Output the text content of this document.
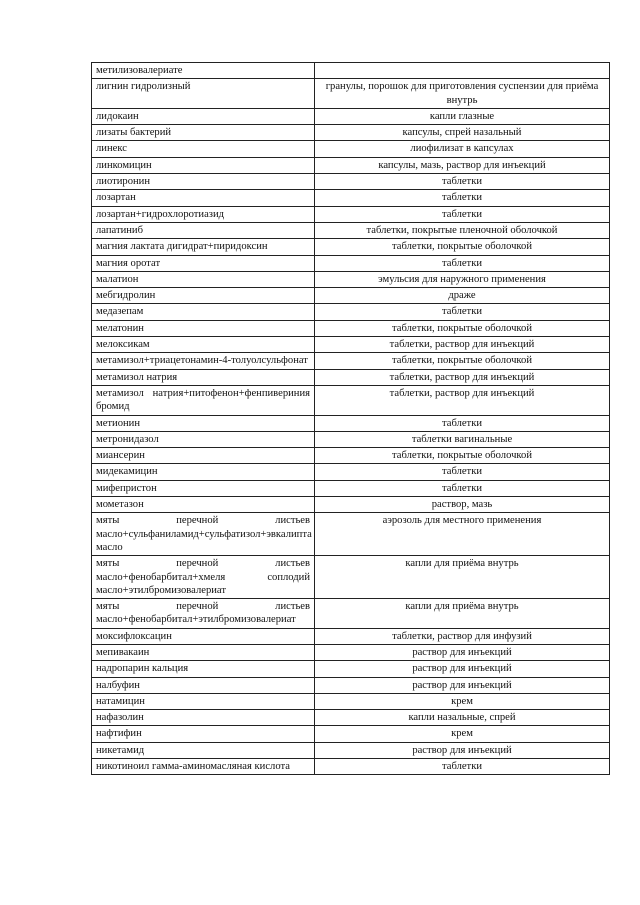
метилизовалериате	
лигнин гидролизный	гранулы, порошок для приготовления суспензии для приёма внутрь
лидокаин	капли глазные
лизаты бактерий	капсулы, спрей назальный
линекс	лиофилизат в капсулах
линкомицин	капсулы, мазь, раствор для инъекций
лиотиронин	таблетки
лозартан	таблетки
лозартан+гидрохлоротиазид	таблетки
лапатиниб	таблетки, покрытые пленочной оболочкой
магния лактата дигидрат+пиридоксин	таблетки, покрытые оболочкой
магния оротат	таблетки
малатион	эмульсия для наружного применения
мебгидролин	драже
медазепам	таблетки
мелатонин	таблетки, покрытые оболочкой
мелоксикам	таблетки, раствор для инъекций
метамизол+триацетонамин-4-толуолсульфонат	таблетки, покрытые оболочкой
метамизол натрия	таблетки, раствор для инъекций
метамизол натрия+питофенон+фенпивериния бромид	таблетки, раствор для инъекций
метионин	таблетки
метронидазол	таблетки вагинальные
миансерин	таблетки, покрытые оболочкой
мидекамицин	таблетки
мифепристон	таблетки
мометазон	раствор, мазь
мяты перечной листьев масло+сульфаниламид+сульфатизол+эвкалипта масло	аэрозоль для местного применения
мяты перечной листьев масло+фенобарбитал+хмеля соплодий масло+этилбромизовалериат	капли для приёма внутрь
мяты перечной листьев масло+фенобарбитал+этилбромизовалериат	капли для приёма внутрь
моксифлоксацин	таблетки, раствор для инфузий
мепивакаин	раствор для инъекций
надропарин кальция	раствор для инъекций
налбуфин	раствор для инъекций
натамицин	крем
нафазолин	капли назальные, спрей
нафтифин	крем
никетамид	раствор для инъекций
никотиноил гамма-аминомасляная кислота	таблетки
